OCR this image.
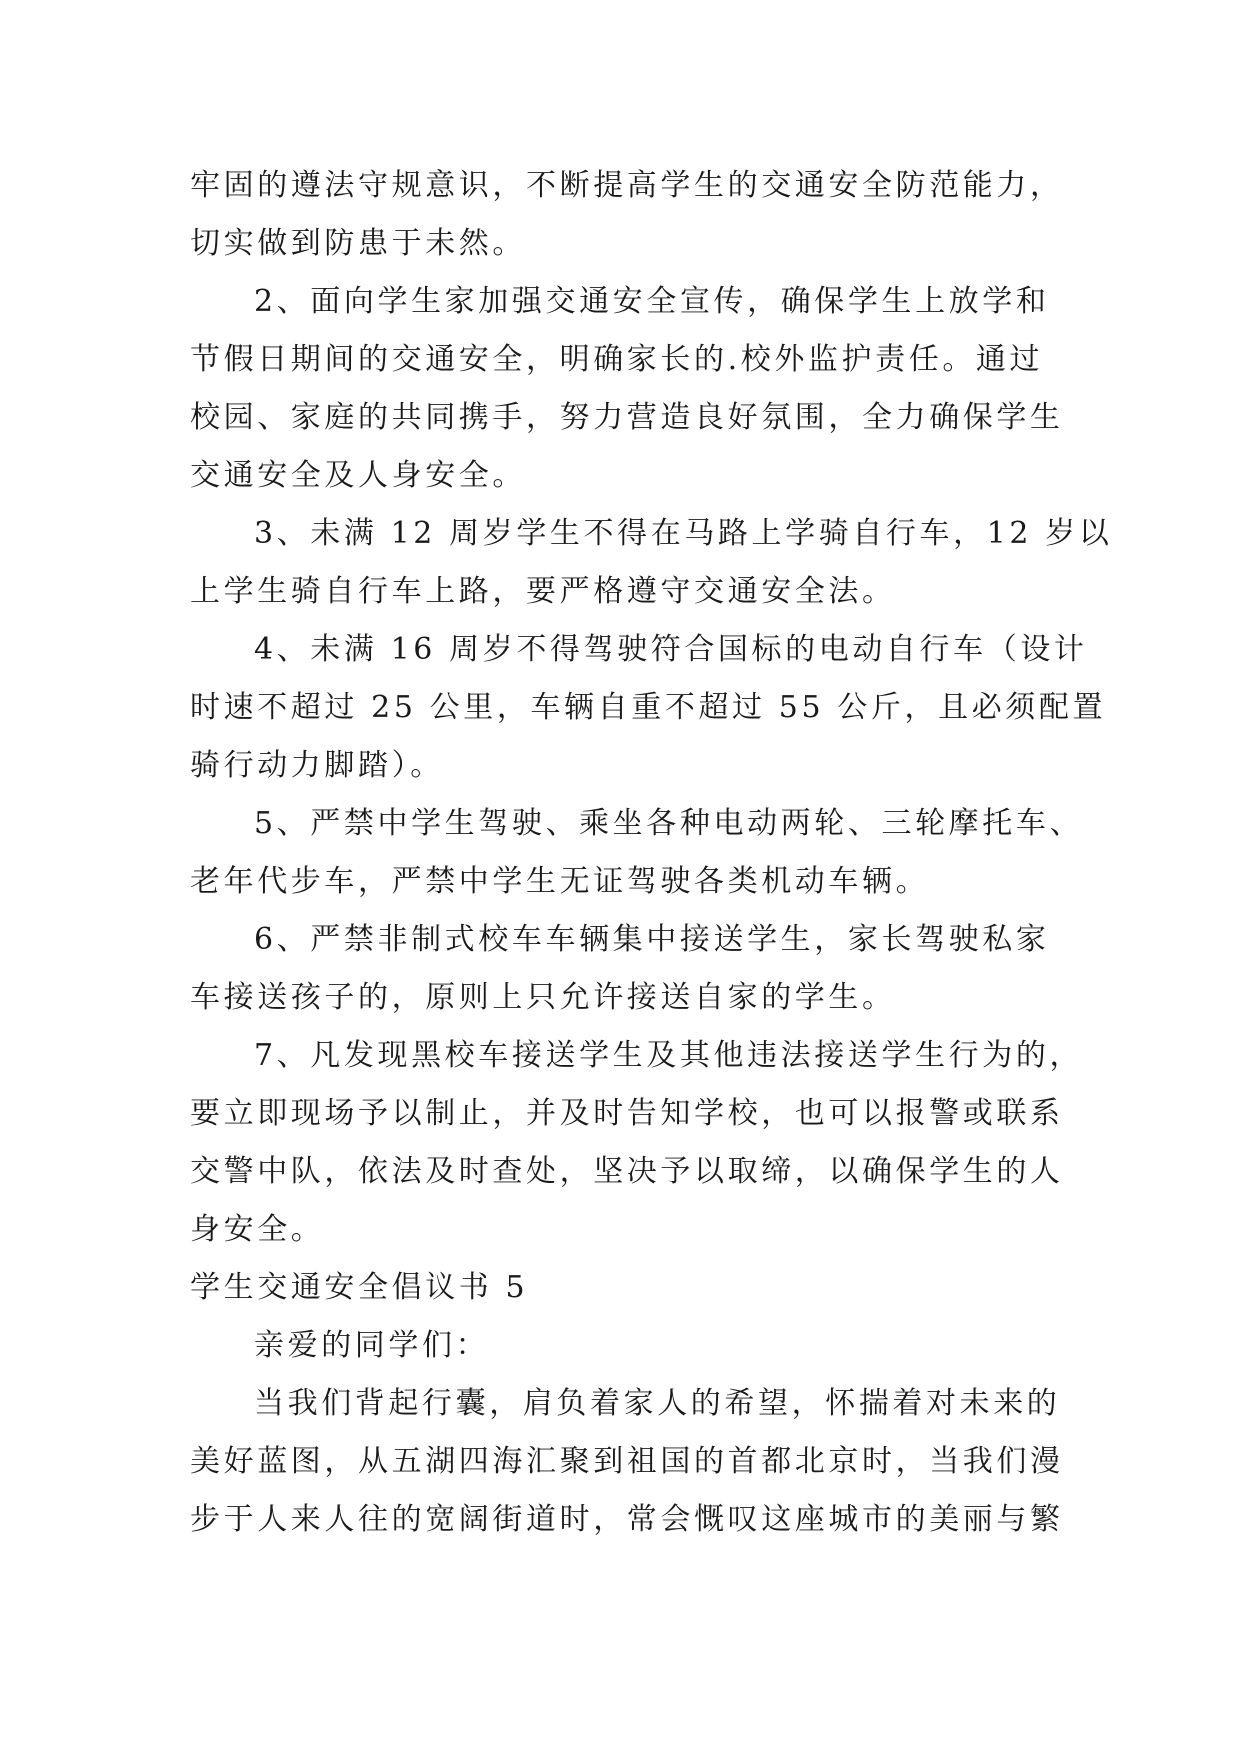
牢固的遵法守规意识，不断提高学生的交通安全防范能力，
切实做到防患于未然。
2、面向学生家加强交通安全宣传，确保学生上放学和
节假日期间的交通安全，明确家长的.校外监护责任。通过
校园、家庭的共同携手，努力营造良好氛围，全力确保学生
交通安全及人身安全。
3、未满 12 周岁学生不得在马路上学骑自行车，12 岁以
上学生骑自行车上路，要严格遵守交通安全法。
4、未满 16 周岁不得驾驶符合国标的电动自行车（设计
时速不超过 25 公里，车辆自重不超过 55 公斤，且必须配置
骑行动力脚踏）。
5、严禁中学生驾驶、乘坐各种电动两轮、三轮摩托车、
老年代步车，严禁中学生无证驾驶各类机动车辆。
6、严禁非制式校车车辆集中接送学生，家长驾驶私家
车接送孩子的，原则上只允许接送自家的学生。
7、凡发现黑校车接送学生及其他违法接送学生行为的，
要立即现场予以制止，并及时告知学校，也可以报警或联系
交警中队，依法及时查处，坚决予以取缔，以确保学生的人
身安全。
学生交通安全倡议书 5
亲爱的同学们：
当我们背起行囊，肩负着家人的希望，怀揣着对未来的
美好蓝图，从五湖四海汇聚到祖国的首都北京时，当我们漫
步于人来人往的宽阔街道时，常会慨叹这座城市的美丽与繁
